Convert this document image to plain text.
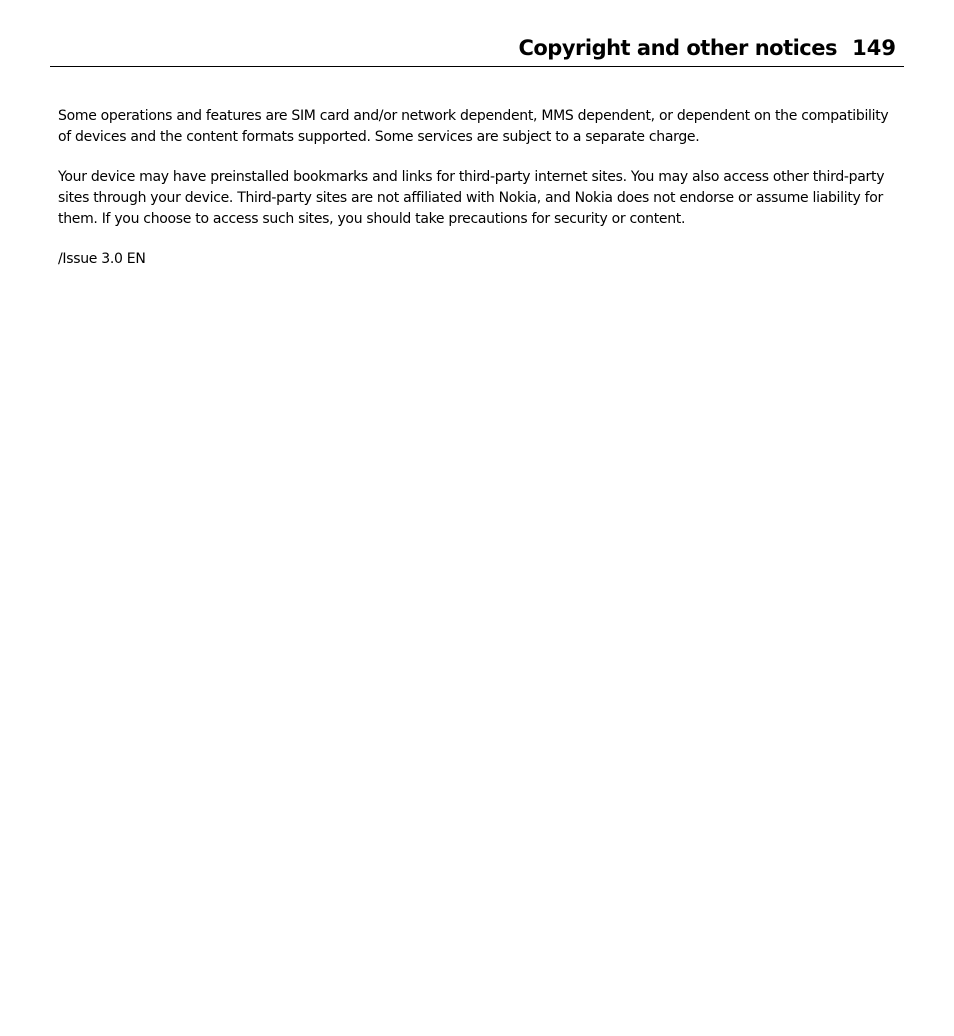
Copyright and other notices 149

Some operations and features are SIM card and/or network dependent, MMS dependent, or dependent on the compatibility of devices and the content formats supported. Some services are subject to a separate charge.

Your device may have preinstalled bookmarks and links for third-party internet sites. You may also access other third-party sites through your device. Third-party sites are not affiliated with Nokia, and Nokia does not endorse or assume liability for them. If you choose to access such sites, you should take precautions for security or content.

/Issue 3.0 EN
